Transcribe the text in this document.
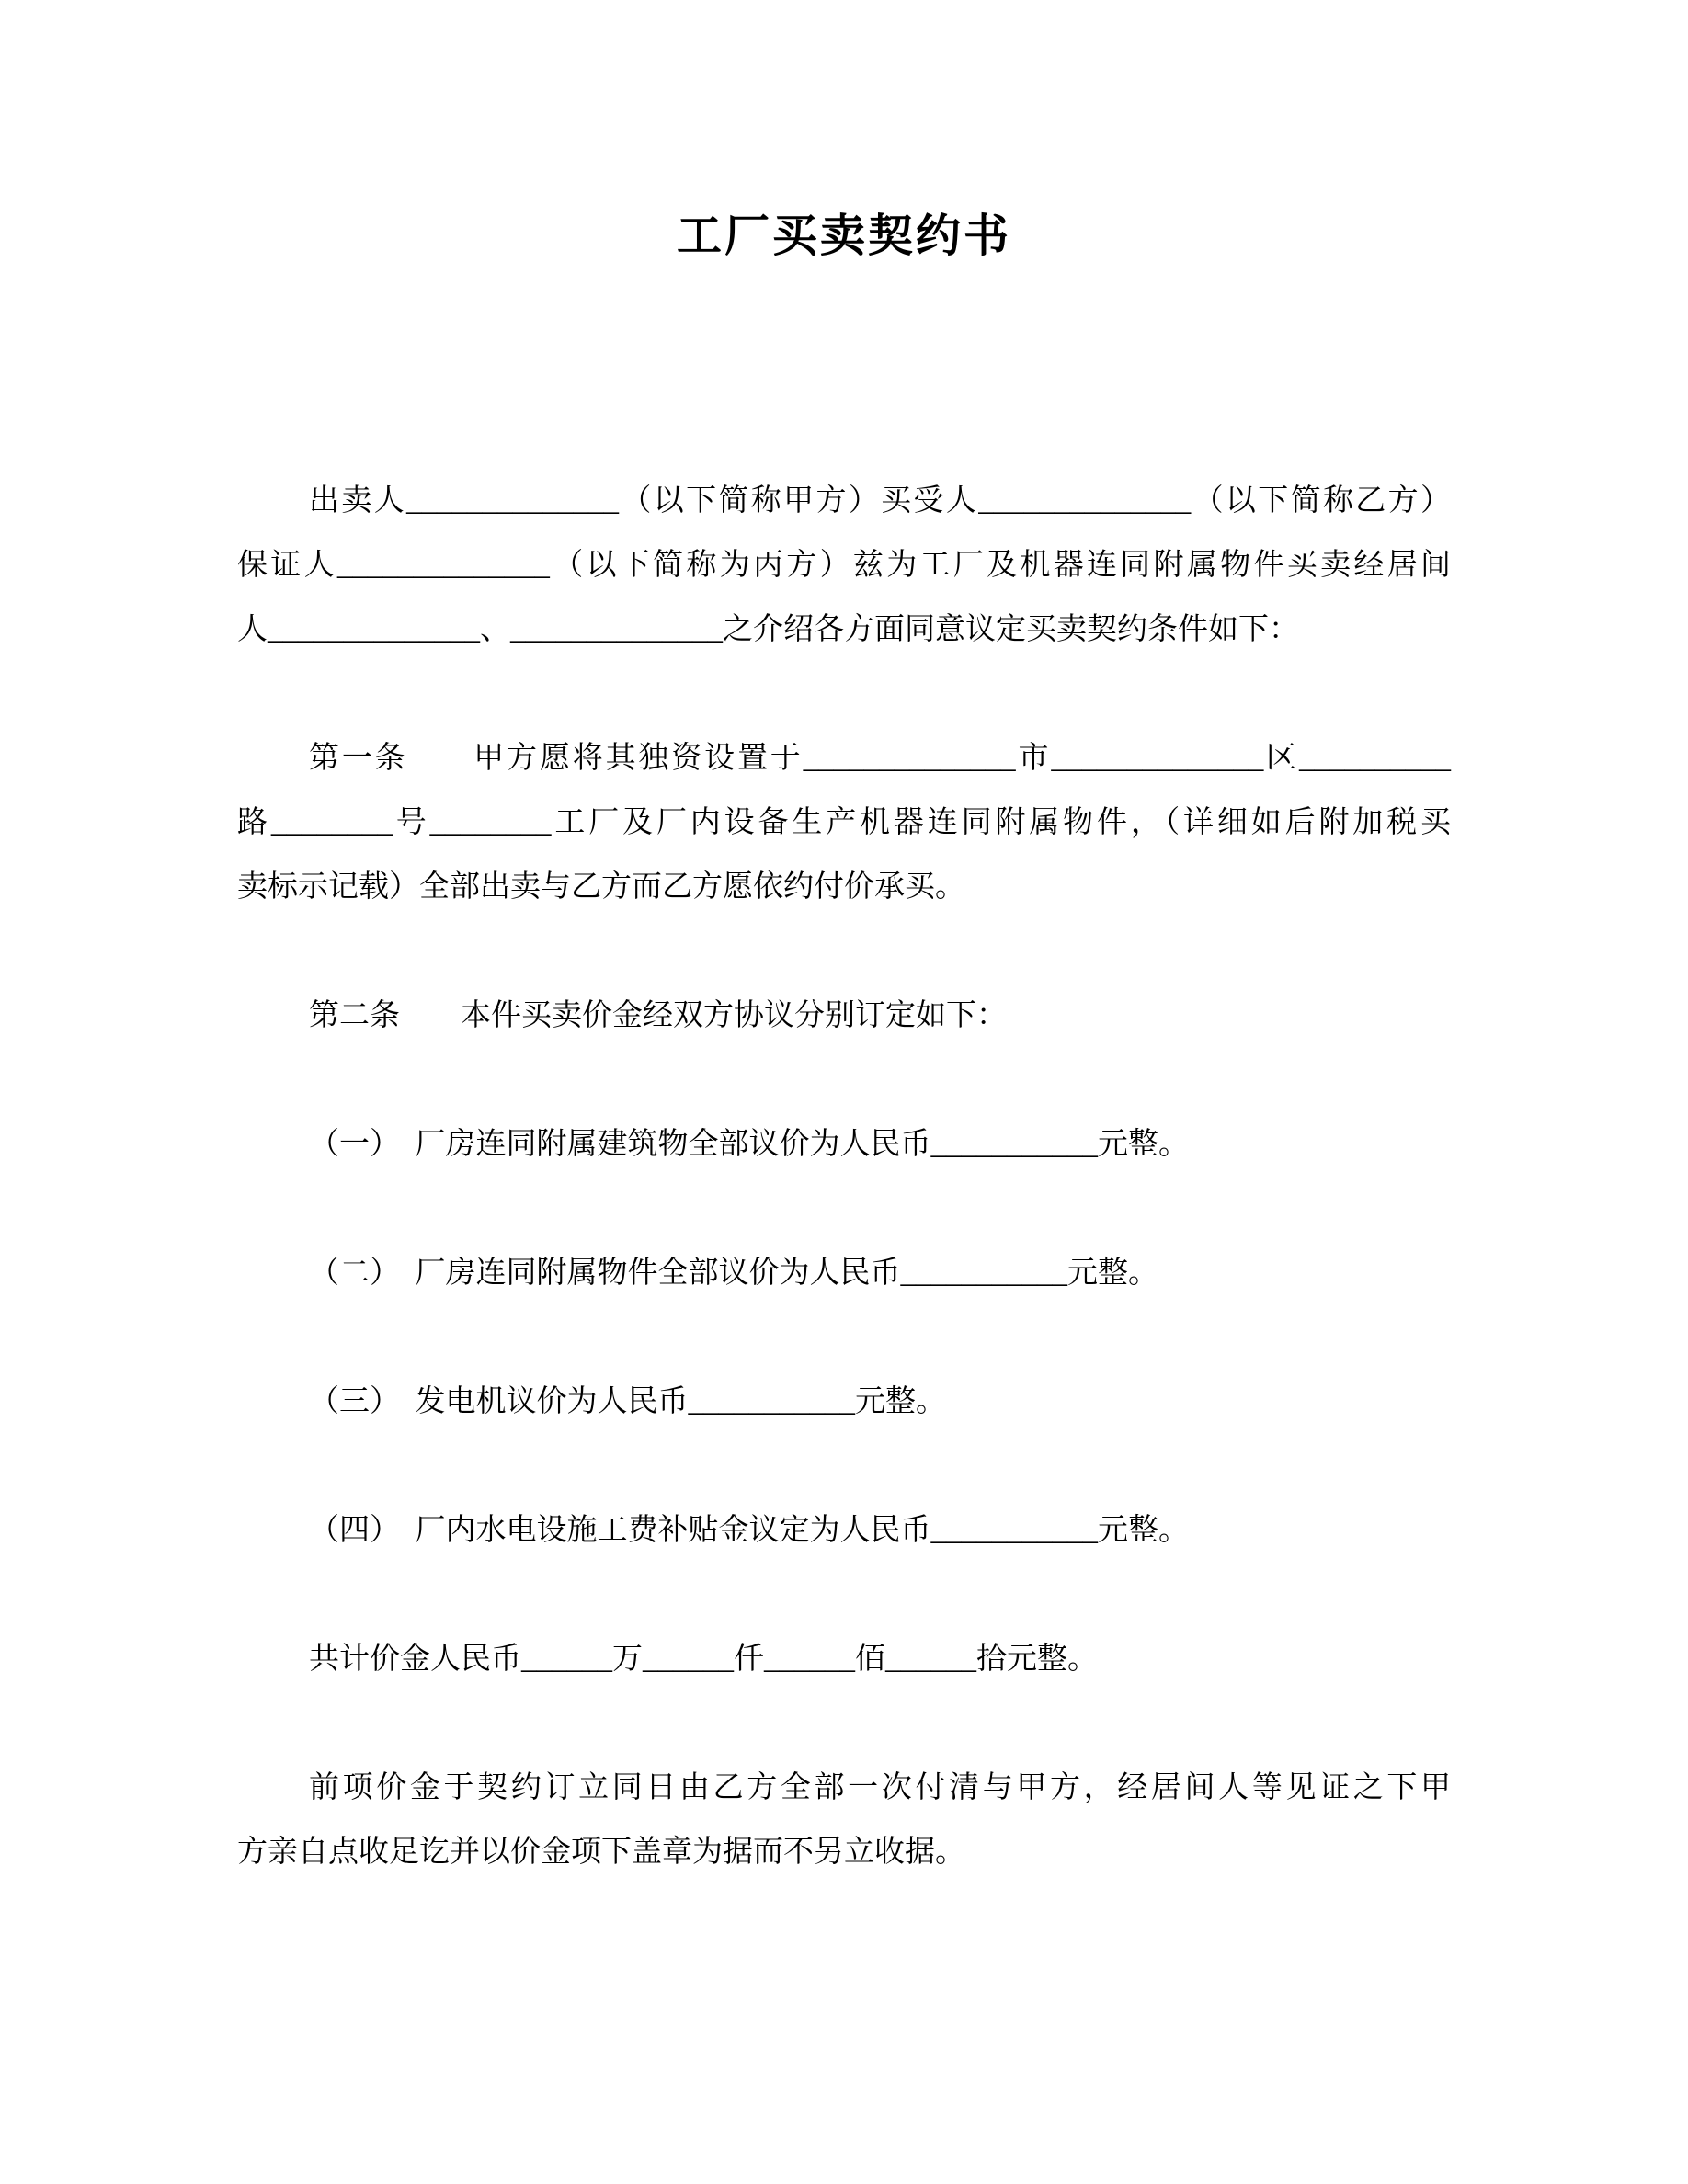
工厂买卖契约书
出卖人______________（以下简称甲方）买受人______________（以下简称乙方）
保证人______________（以下简称为丙方）兹为工厂及机器连同附属物件买卖经居间
人______________、______________之介绍各方面同意议定买卖契约条件如下：
第一条　　甲方愿将其独资设置于______________市______________区__________
路________号________工厂及厂内设备生产机器连同附属物件，（详细如后附加税买
卖标示记载）全部出卖与乙方而乙方愿依约付价承买。
第二条　　本件买卖价金经双方协议分别订定如下：
（一）　厂房连同附属建筑物全部议价为人民币___________元整。
（二）　厂房连同附属物件全部议价为人民币___________元整。
（三）　发电机议价为人民币___________元整。
（四）　厂内水电设施工费补贴金议定为人民币___________元整。
共计价金人民币______万______仟______佰______拾元整。
前项价金于契约订立同日由乙方全部一次付清与甲方，经居间人等见证之下甲
方亲自点收足讫并以价金项下盖章为据而不另立收据。
